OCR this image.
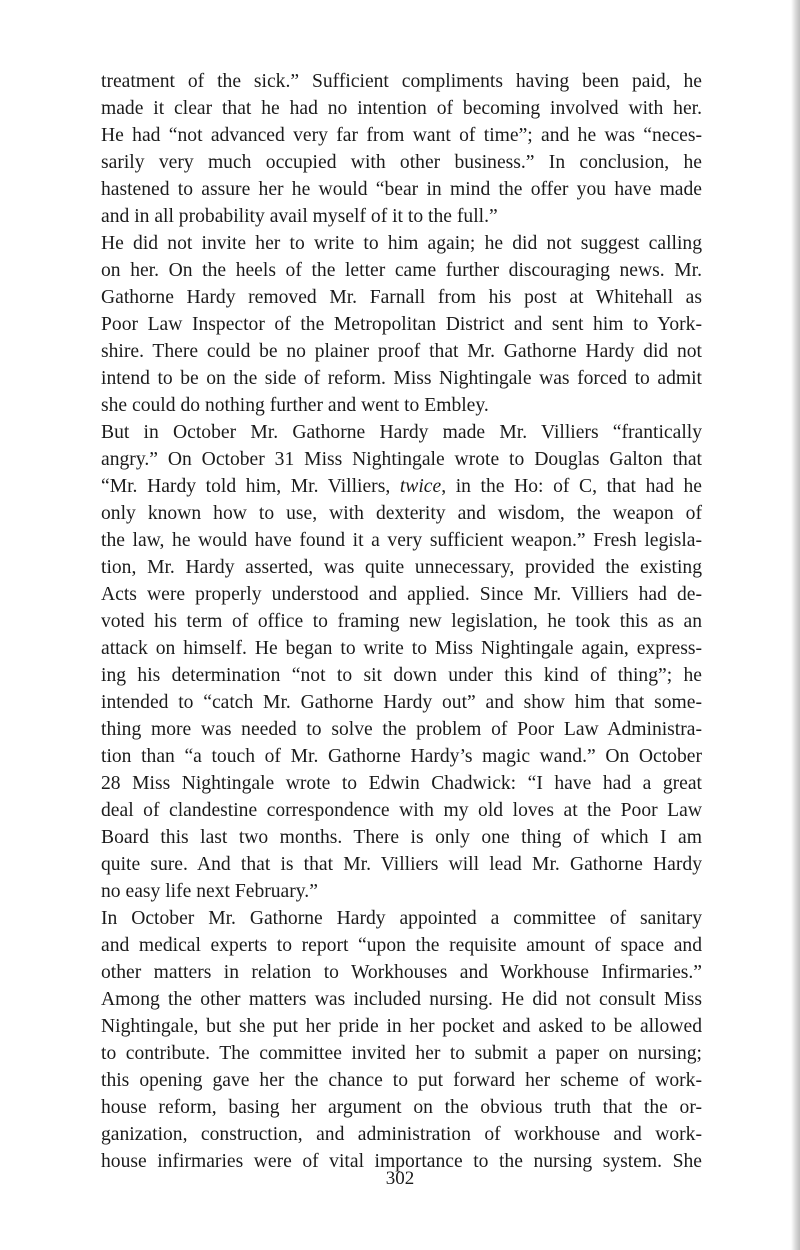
treatment of the sick.” Sufficient compliments having been paid, he
made it clear that he had no intention of becoming involved with her.
He had “not advanced very far from want of time”; and he was “neces-
sarily very much occupied with other business.” In conclusion, he
hastened to assure her he would “bear in mind the offer you have made
and in all probability avail myself of it to the full.”
He did not invite her to write to him again; he did not suggest calling
on her. On the heels of the letter came further discouraging news. Mr.
Gathorne Hardy removed Mr. Farnall from his post at Whitehall as
Poor Law Inspector of the Metropolitan District and sent him to York-
shire. There could be no plainer proof that Mr. Gathorne Hardy did not
intend to be on the side of reform. Miss Nightingale was forced to admit
she could do nothing further and went to Embley.
But in October Mr. Gathorne Hardy made Mr. Villiers “frantically
angry.” On October 31 Miss Nightingale wrote to Douglas Galton that
“Mr. Hardy told him, Mr. Villiers, twice, in the Ho: of C, that had he
only known how to use, with dexterity and wisdom, the weapon of
the law, he would have found it a very sufficient weapon.” Fresh legisla-
tion, Mr. Hardy asserted, was quite unnecessary, provided the existing
Acts were properly understood and applied. Since Mr. Villiers had de-
voted his term of office to framing new legislation, he took this as an
attack on himself. He began to write to Miss Nightingale again, express-
ing his determination “not to sit down under this kind of thing”; he
intended to “catch Mr. Gathorne Hardy out” and show him that some-
thing more was needed to solve the problem of Poor Law Administra-
tion than “a touch of Mr. Gathorne Hardy’s magic wand.” On October
28 Miss Nightingale wrote to Edwin Chadwick: “I have had a great
deal of clandestine correspondence with my old loves at the Poor Law
Board this last two months. There is only one thing of which I am
quite sure. And that is that Mr. Villiers will lead Mr. Gathorne Hardy
no easy life next February.”
In October Mr. Gathorne Hardy appointed a committee of sanitary
and medical experts to report “upon the requisite amount of space and
other matters in relation to Workhouses and Workhouse Infirmaries.”
Among the other matters was included nursing. He did not consult Miss
Nightingale, but she put her pride in her pocket and asked to be allowed
to contribute. The committee invited her to submit a paper on nursing;
this opening gave her the chance to put forward her scheme of work-
house reform, basing her argument on the obvious truth that the or-
ganization, construction, and administration of workhouse and work-
house infirmaries were of vital importance to the nursing system. She
302
